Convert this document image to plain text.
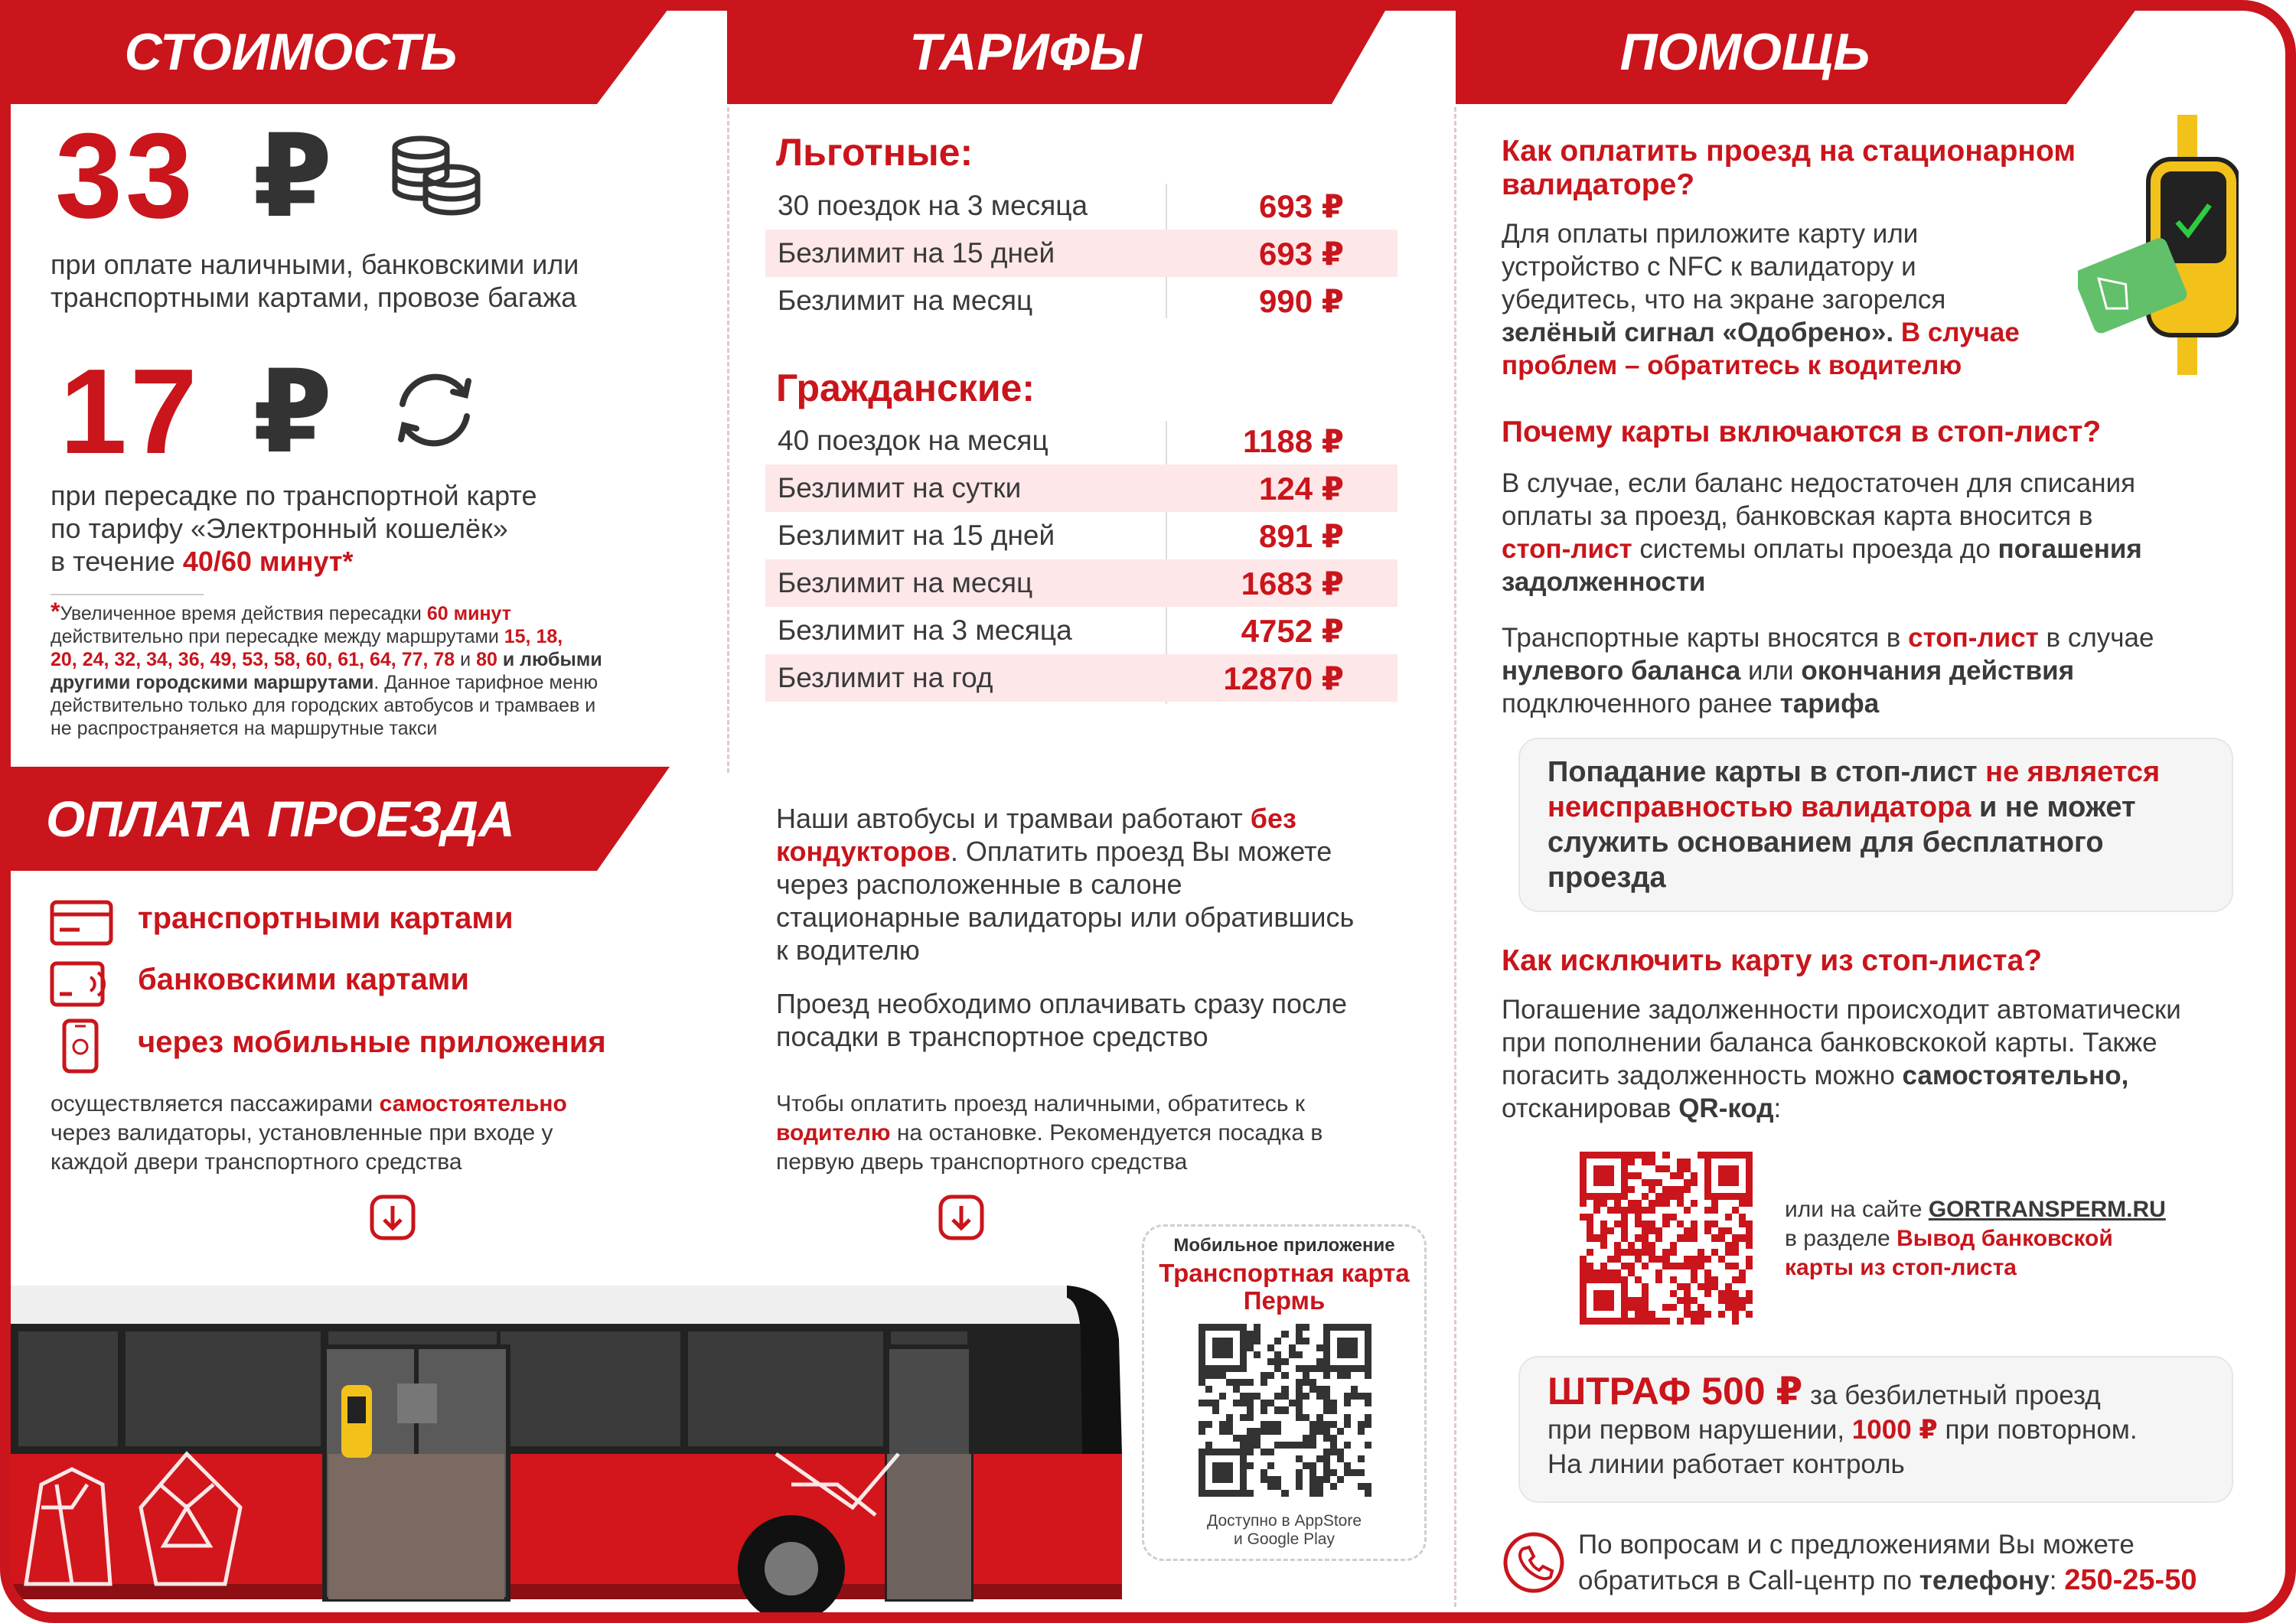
СТОИМОСТЬ	ТАРИФЫ	ПОМОЩЬ
33 ₽
при оплате наличными, банковскими или
транспортными картами, провозе багажа
17 ₽
при пересадке по транспортной карте
по тарифу «Электронный кошелёк»
в течение 40/60 минут*
*Увеличенное время действия пересадки 60 минут
действительно при пересадке между маршрутами 15, 18,
20, 24, 32, 34, 36, 49, 53, 58, 60, 61, 64, 77, 78 и 80 и любыми
другими городскими маршрутами. Данное тарифное меню
действительно только для городских автобусов и трамваев и
не распространяется на маршрутные такси
ОПЛАТА ПРОЕЗДА
транспортными картами
банковскими картами
через мобильные приложения
осуществляется пассажирами самостоятельно
через валидаторы, установленные при входе у
каждой двери транспортного средства
Льготные:
30 поездок на 3 месяца	693 ₽
Безлимит на 15 дней	693 ₽
Безлимит на месяц	990 ₽
Гражданские:
40 поездок на месяц	1188 ₽
Безлимит на сутки	124 ₽
Безлимит на 15 дней	891 ₽
Безлимит на месяц	1683 ₽
Безлимит на 3 месяца	4752 ₽
Безлимит на год	12870 ₽
Наши автобусы и трамваи работают без
кондукторов. Оплатить проезд Вы можете
через расположенные в салоне
стационарные валидаторы или обратившись
к водителю
Проезд необходимо оплачивать сразу после
посадки в транспортное средство
Чтобы оплатить проезд наличными, обратитесь к
водителю на остановке. Рекомендуется посадка в
первую дверь транспортного средства
Мобильное приложение
Транспортная карта
Пермь
Доступно в AppStore
и Google Play
Как оплатить проезд на стационарном
валидаторе?
Для оплаты приложите карту или
устройство с NFC к валидатору и
убедитесь, что на экране загорелся
зелёный сигнал «Одобрено». В случае
проблем – обратитесь к водителю
Почему карты включаются в стоп-лист?
В случае, если баланс недостаточен для списания
оплаты за проезд, банковская карта вносится в
стоп-лист системы оплаты проезда до погашения
задолженности
Транспортные карты вносятся в стоп-лист в случае
нулевого баланса или окончания действия
подключенного ранее тарифа
Попадание карты в стоп-лист не является
неисправностью валидатора и не может
служить основанием для бесплатного
проезда
Как исключить карту из стоп-листа?
Погашение задолженности происходит автоматически
при пополнении баланса банковскокой карты. Также
погасить задолженность можно самостоятельно,
отсканировав QR-код:
или на сайте GORTRANSPERM.RU
в разделе Вывод банковской
карты из стоп-листа
ШТРАФ 500 ₽ за безбилетный проезд
при первом нарушении, 1000 ₽ при повторном.
На линии работает контроль
По вопросам и с предложениями Вы можете
обратиться в Call-центр по телефону: 250-25-50
